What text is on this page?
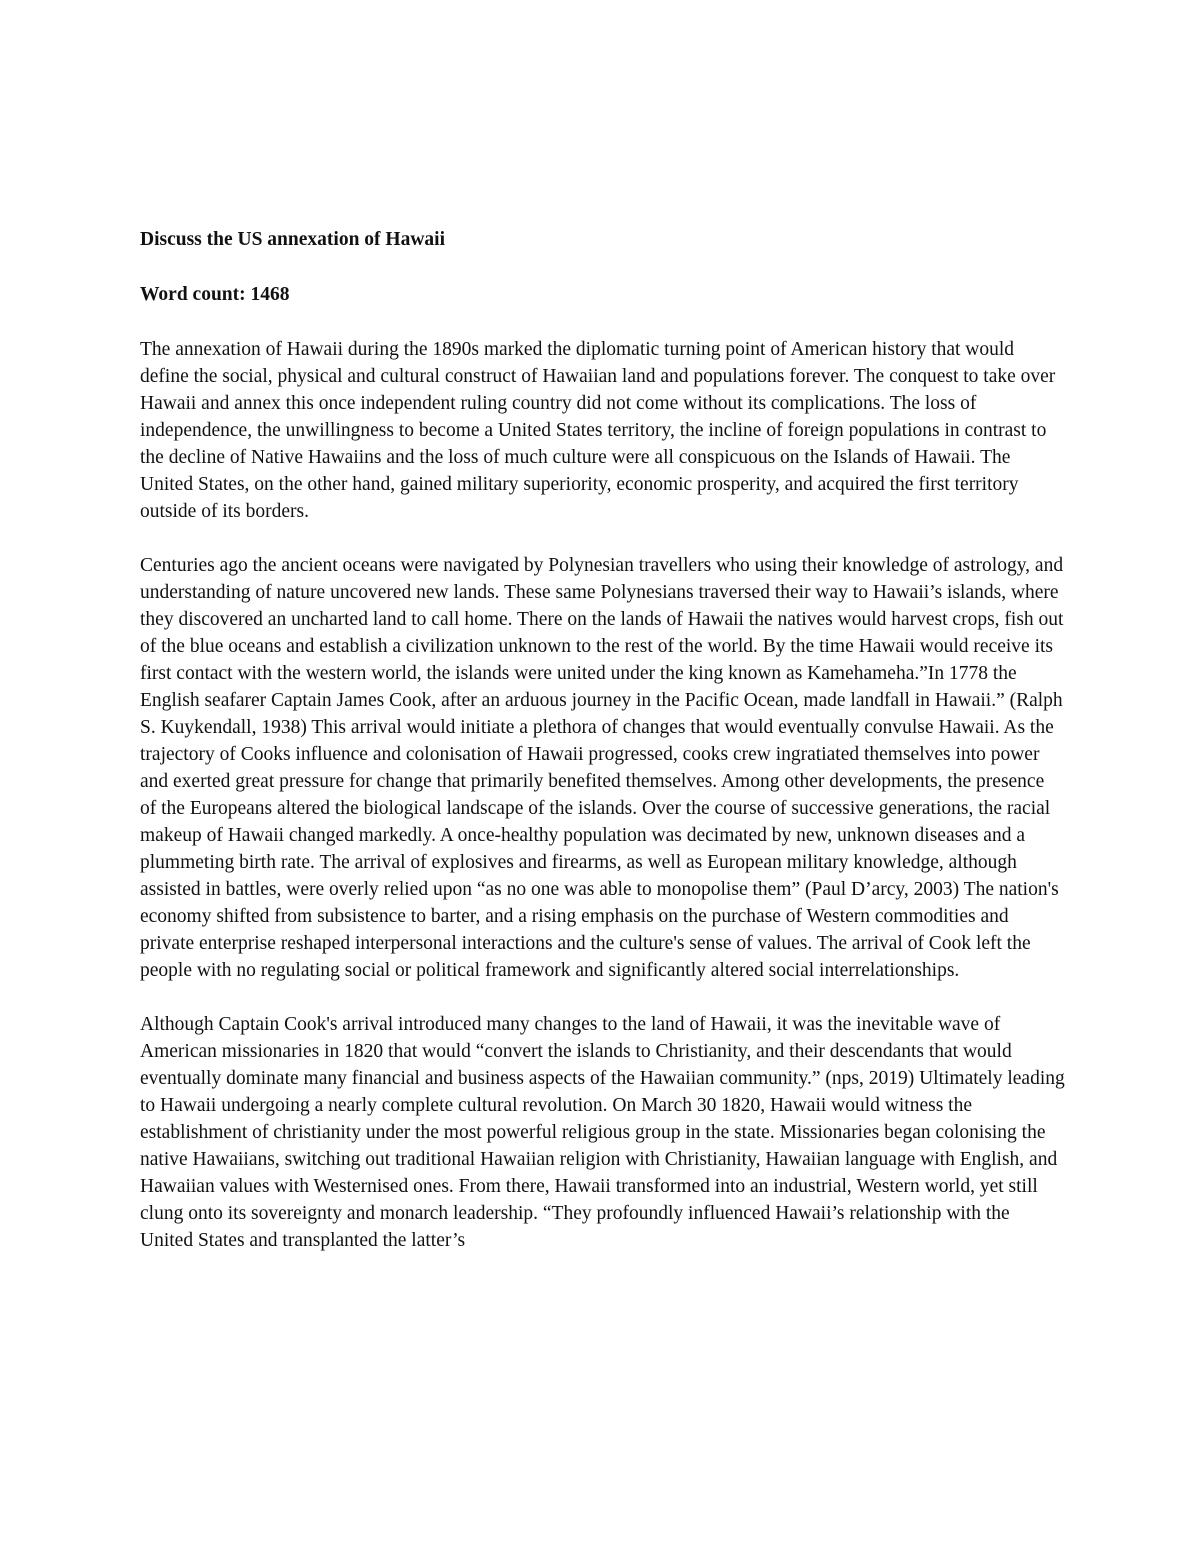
Discuss the US annexation of Hawaii

Word count: 1468

The annexation of Hawaii during the 1890s marked the diplomatic turning point of American history that would define the social, physical and cultural construct of Hawaiian land and populations forever. The conquest to take over Hawaii and annex this once independent ruling country did not come without its complications. The loss of independence, the unwillingness to become a United States territory, the incline of foreign populations in contrast to the decline of Native Hawaiins and the loss of much culture were all conspicuous on the Islands of Hawaii. The United States, on the other hand, gained military superiority, economic prosperity, and acquired the first territory outside of its borders.

Centuries ago the ancient oceans were navigated by Polynesian travellers who using their knowledge of astrology, and understanding of nature uncovered new lands. These same Polynesians traversed their way to Hawaii’s islands, where they discovered an uncharted land to call home. There on the lands of Hawaii the natives would harvest crops, fish out of the blue oceans and establish a civilization unknown to the rest of the world. By the time Hawaii would receive its first contact with the western world, the islands were united under the king known as Kamehameha.”In 1778 the English seafarer Captain James Cook, after an arduous journey in the Pacific Ocean, made landfall in Hawaii.” (Ralph S. Kuykendall, 1938) This arrival would initiate a plethora of changes that would eventually convulse Hawaii. As the trajectory of Cooks influence and colonisation of Hawaii progressed, cooks crew ingratiated themselves into power and exerted great pressure for change that primarily benefited themselves. Among other developments, the presence of the Europeans altered the biological landscape of the islands. Over the course of successive generations, the racial makeup of Hawaii changed markedly. A once-healthy population was decimated by new, unknown diseases and a plummeting birth rate. The arrival of explosives and firearms, as well as European military knowledge, although assisted in battles, were overly relied upon “as no one was able to monopolise them” (Paul D’arcy, 2003) The nation's economy shifted from subsistence to barter, and a rising emphasis on the purchase of Western commodities and private enterprise reshaped interpersonal interactions and the culture's sense of values. The arrival of Cook left the people with no regulating social or political framework and significantly altered social interrelationships.

Although Captain Cook's arrival introduced many changes to the land of Hawaii, it was the inevitable wave of American missionaries in 1820 that would “convert the islands to Christianity, and their descendants that would eventually dominate many financial and business aspects of the Hawaiian community.” (nps, 2019) Ultimately leading to Hawaii undergoing a nearly complete cultural revolution. On March 30 1820, Hawaii would witness the establishment of christianity under the most powerful religious group in the state. Missionaries began colonising the native Hawaiians, switching out traditional Hawaiian religion with Christianity, Hawaiian language with English, and Hawaiian values with Westernised ones. From there, Hawaii transformed into an industrial, Western world, yet still clung onto its sovereignty and monarch leadership. “They profoundly influenced Hawaii’s relationship with the United States and transplanted the latter’s
